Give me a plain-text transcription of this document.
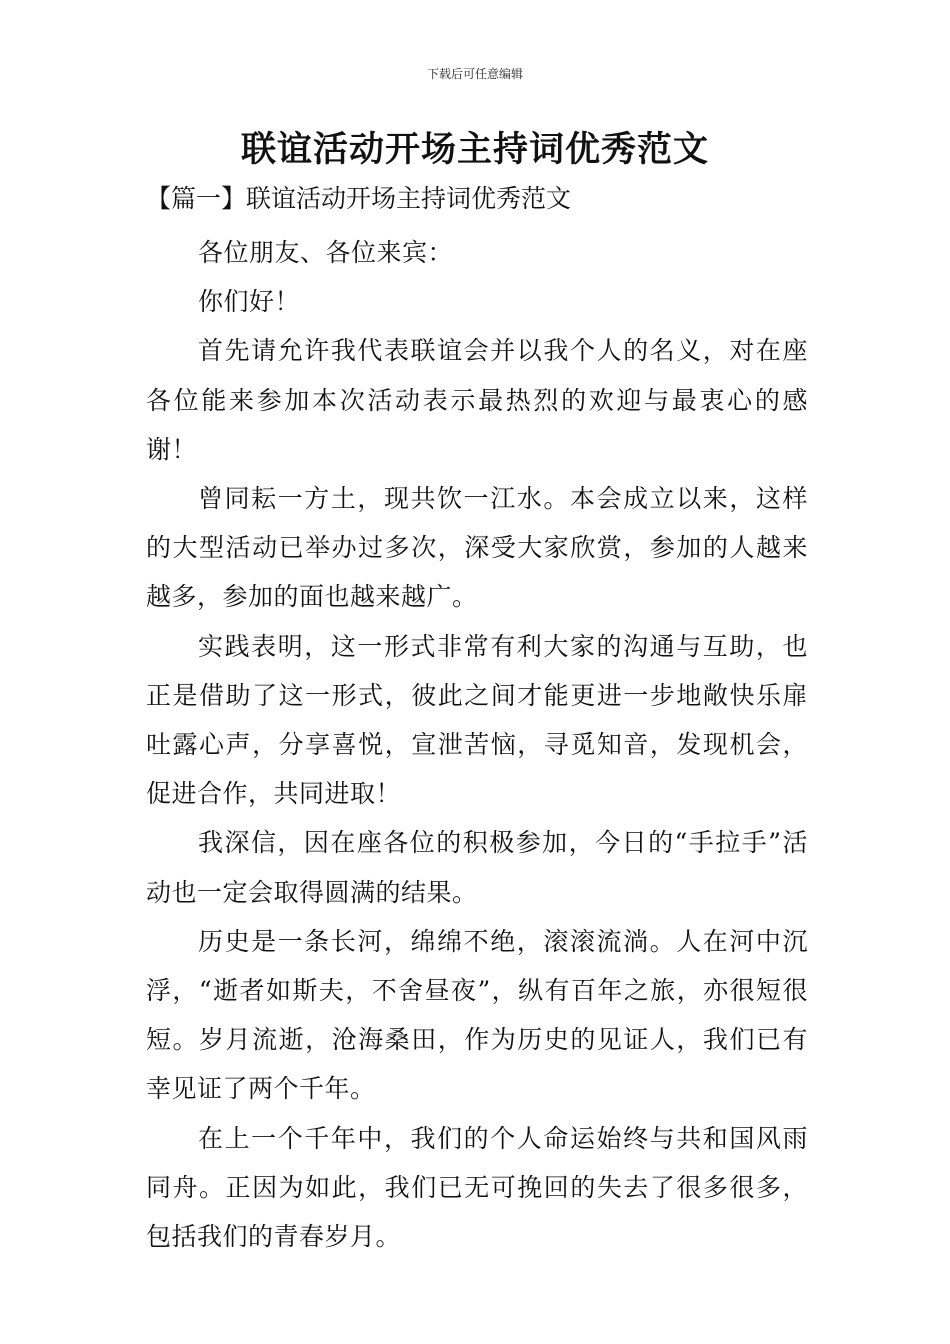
下载后可任意编辑
联谊活动开场主持词优秀范文
【篇一】联谊活动开场主持词优秀范文

各位朋友、各位来宾：

你们好！

首先请允许我代表联谊会并以我个人的名义，对在座各位能来参加本次活动表示最热烈的欢迎与最衷心的感谢！

曾同耘一方土，现共饮一江水。本会成立以来，这样的大型活动已举办过多次，深受大家欣赏，参加的人越来越多，参加的面也越来越广。

实践表明，这一形式非常有利大家的沟通与互助，也正是借助了这一形式，彼此之间才能更进一步地敞快乐扉吐露心声，分享喜悦，宣泄苦恼，寻觅知音，发现机会，促进合作，共同进取！

我深信，因在座各位的积极参加，今日的“手拉手”活动也一定会取得圆满的结果。

历史是一条长河，绵绵不绝，滚滚流淌。人在河中沉浮，“逝者如斯夫，不舍昼夜”，纵有百年之旅，亦很短很短。岁月流逝，沧海桑田，作为历史的见证人，我们已有幸见证了两个千年。

在上一个千年中，我们的个人命运始终与共和国风雨同舟。正因为如此，我们已无可挽回的失去了很多很多，包括我们的青春岁月。
